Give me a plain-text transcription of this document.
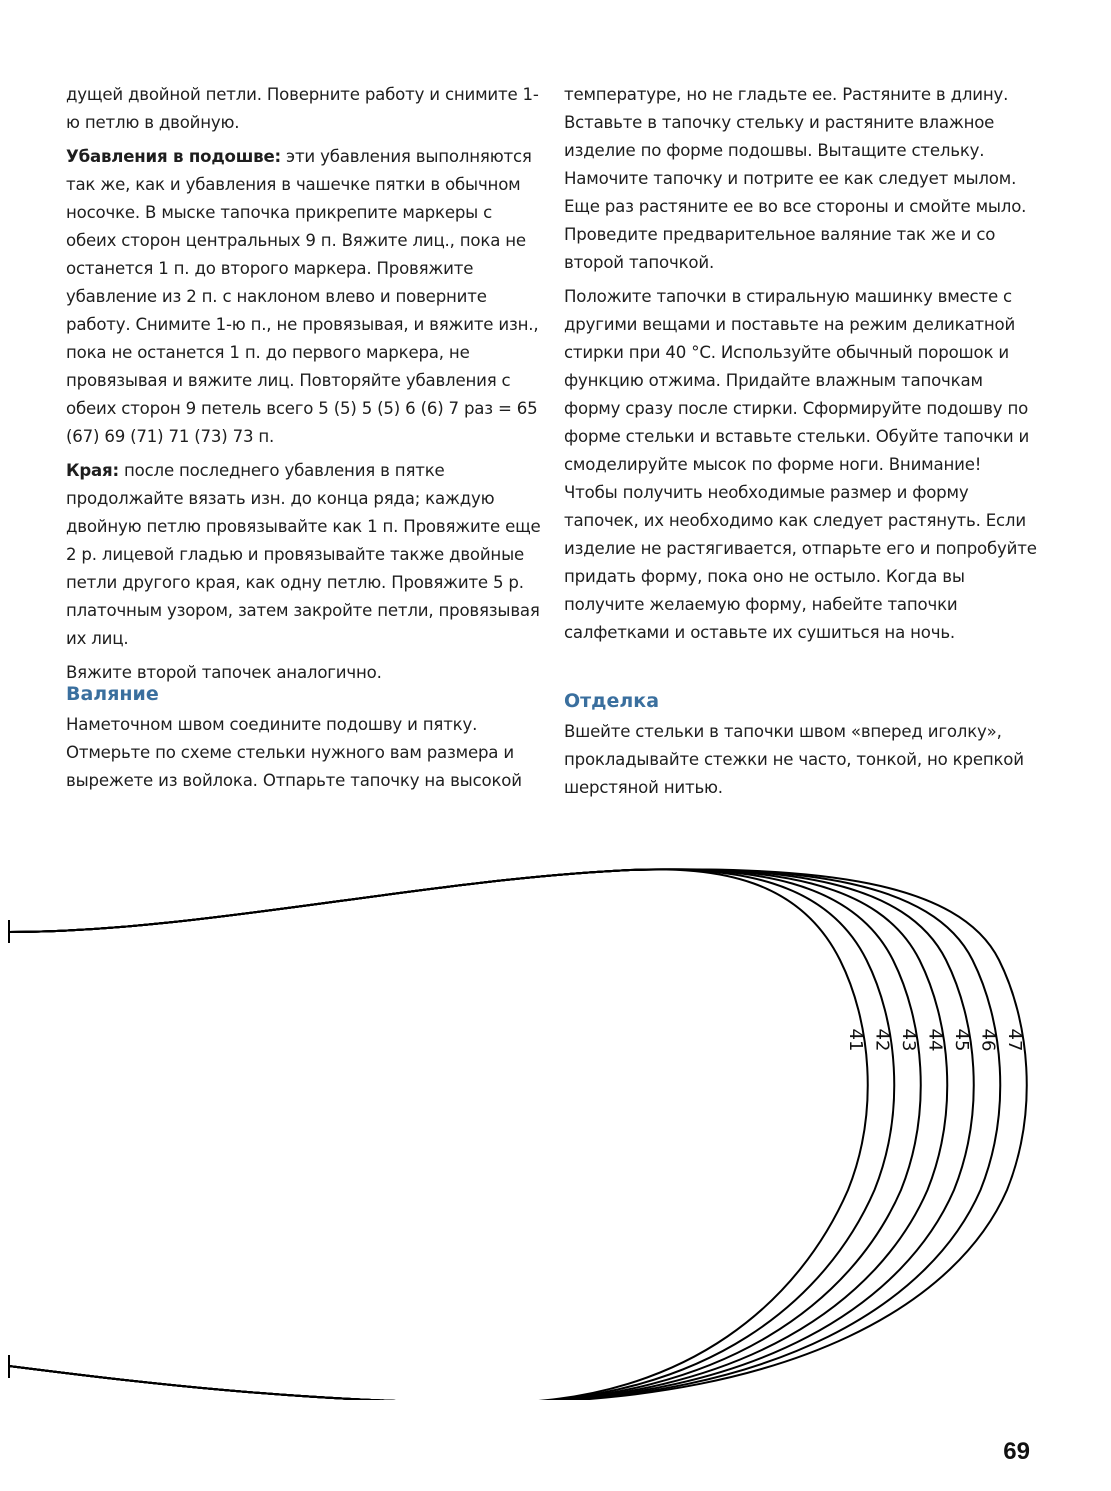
дущей двойной петли. Поверните работу и снимите 1-ю петлю в двойную.

Убавления в подошве: эти убавления выполняются так же, как и убавления в чашечке пятки в обычном носочке. В мыске тапочка прикрепите маркеры с обеих сторон центральных 9 п. Вяжите лиц., пока не останется 1 п. до второго маркера. Провяжите убавление из 2 п. с наклоном влево и поверните работу. Снимите 1-ю п., не провязывая, и вяжите изн., пока не останется 1 п. до первого маркера, не провязывая и вяжите лиц. Повторяйте убавления с обеих сторон 9 петель всего 5 (5) 5 (5) 6 (6) 7 раз = 65 (67) 69 (71) 71 (73) 73 п.

Края: после последнего убавления в пятке продолжайте вязать изн. до конца ряда; каждую двойную петлю провязывайте как 1 п. Провяжите еще 2 р. лицевой гладью и провязывайте также двойные петли другого края, как одну петлю. Провяжите 5 р. платочным узором, затем закройте петли, провязывая их лиц.

Вяжите второй тапочек аналогично.

температуре, но не гладьте ее. Растяните в длину. Вставьте в тапочку стельку и растяните влажное изделие по форме подошвы. Вытащите стельку. Намочите тапочку и потрите ее как следует мылом. Еще раз растяните ее во все стороны и смойте мыло. Проведите предварительное валяние так же и со второй тапочкой.

Положите тапочки в стиральную машинку вместе с другими вещами и поставьте на режим деликатной стирки при 40 °C. Используйте обычный порошок и функцию отжима. Придайте влажным тапочкам форму сразу после стирки. Сформируйте подошву по форме стельки и вставьте стельки. Обуйте тапочки и смоделируйте мысок по форме ноги. Внимание! Чтобы получить необходимые размер и форму тапочек, их необходимо как следует растянуть. Если изделие не растягивается, отпарьте его и попробуйте придать форму, пока оно не остыло. Когда вы получите желаемую форму, набейте тапочки салфетками и оставьте их сушиться на ночь.

Валяние

Наметочном швом соедините подошву и пятку. Отмерьте по схеме стельки нужного вам размера и вырежете из войлока. Отпарьте тапочку на высокой

Отделка

Вшейте стельки в тапочки швом «вперед иголку», прокладывайте стежки не часто, тонкой, но крепкой шерстяной нитью.

41 42 43 44 45 46 47
69
